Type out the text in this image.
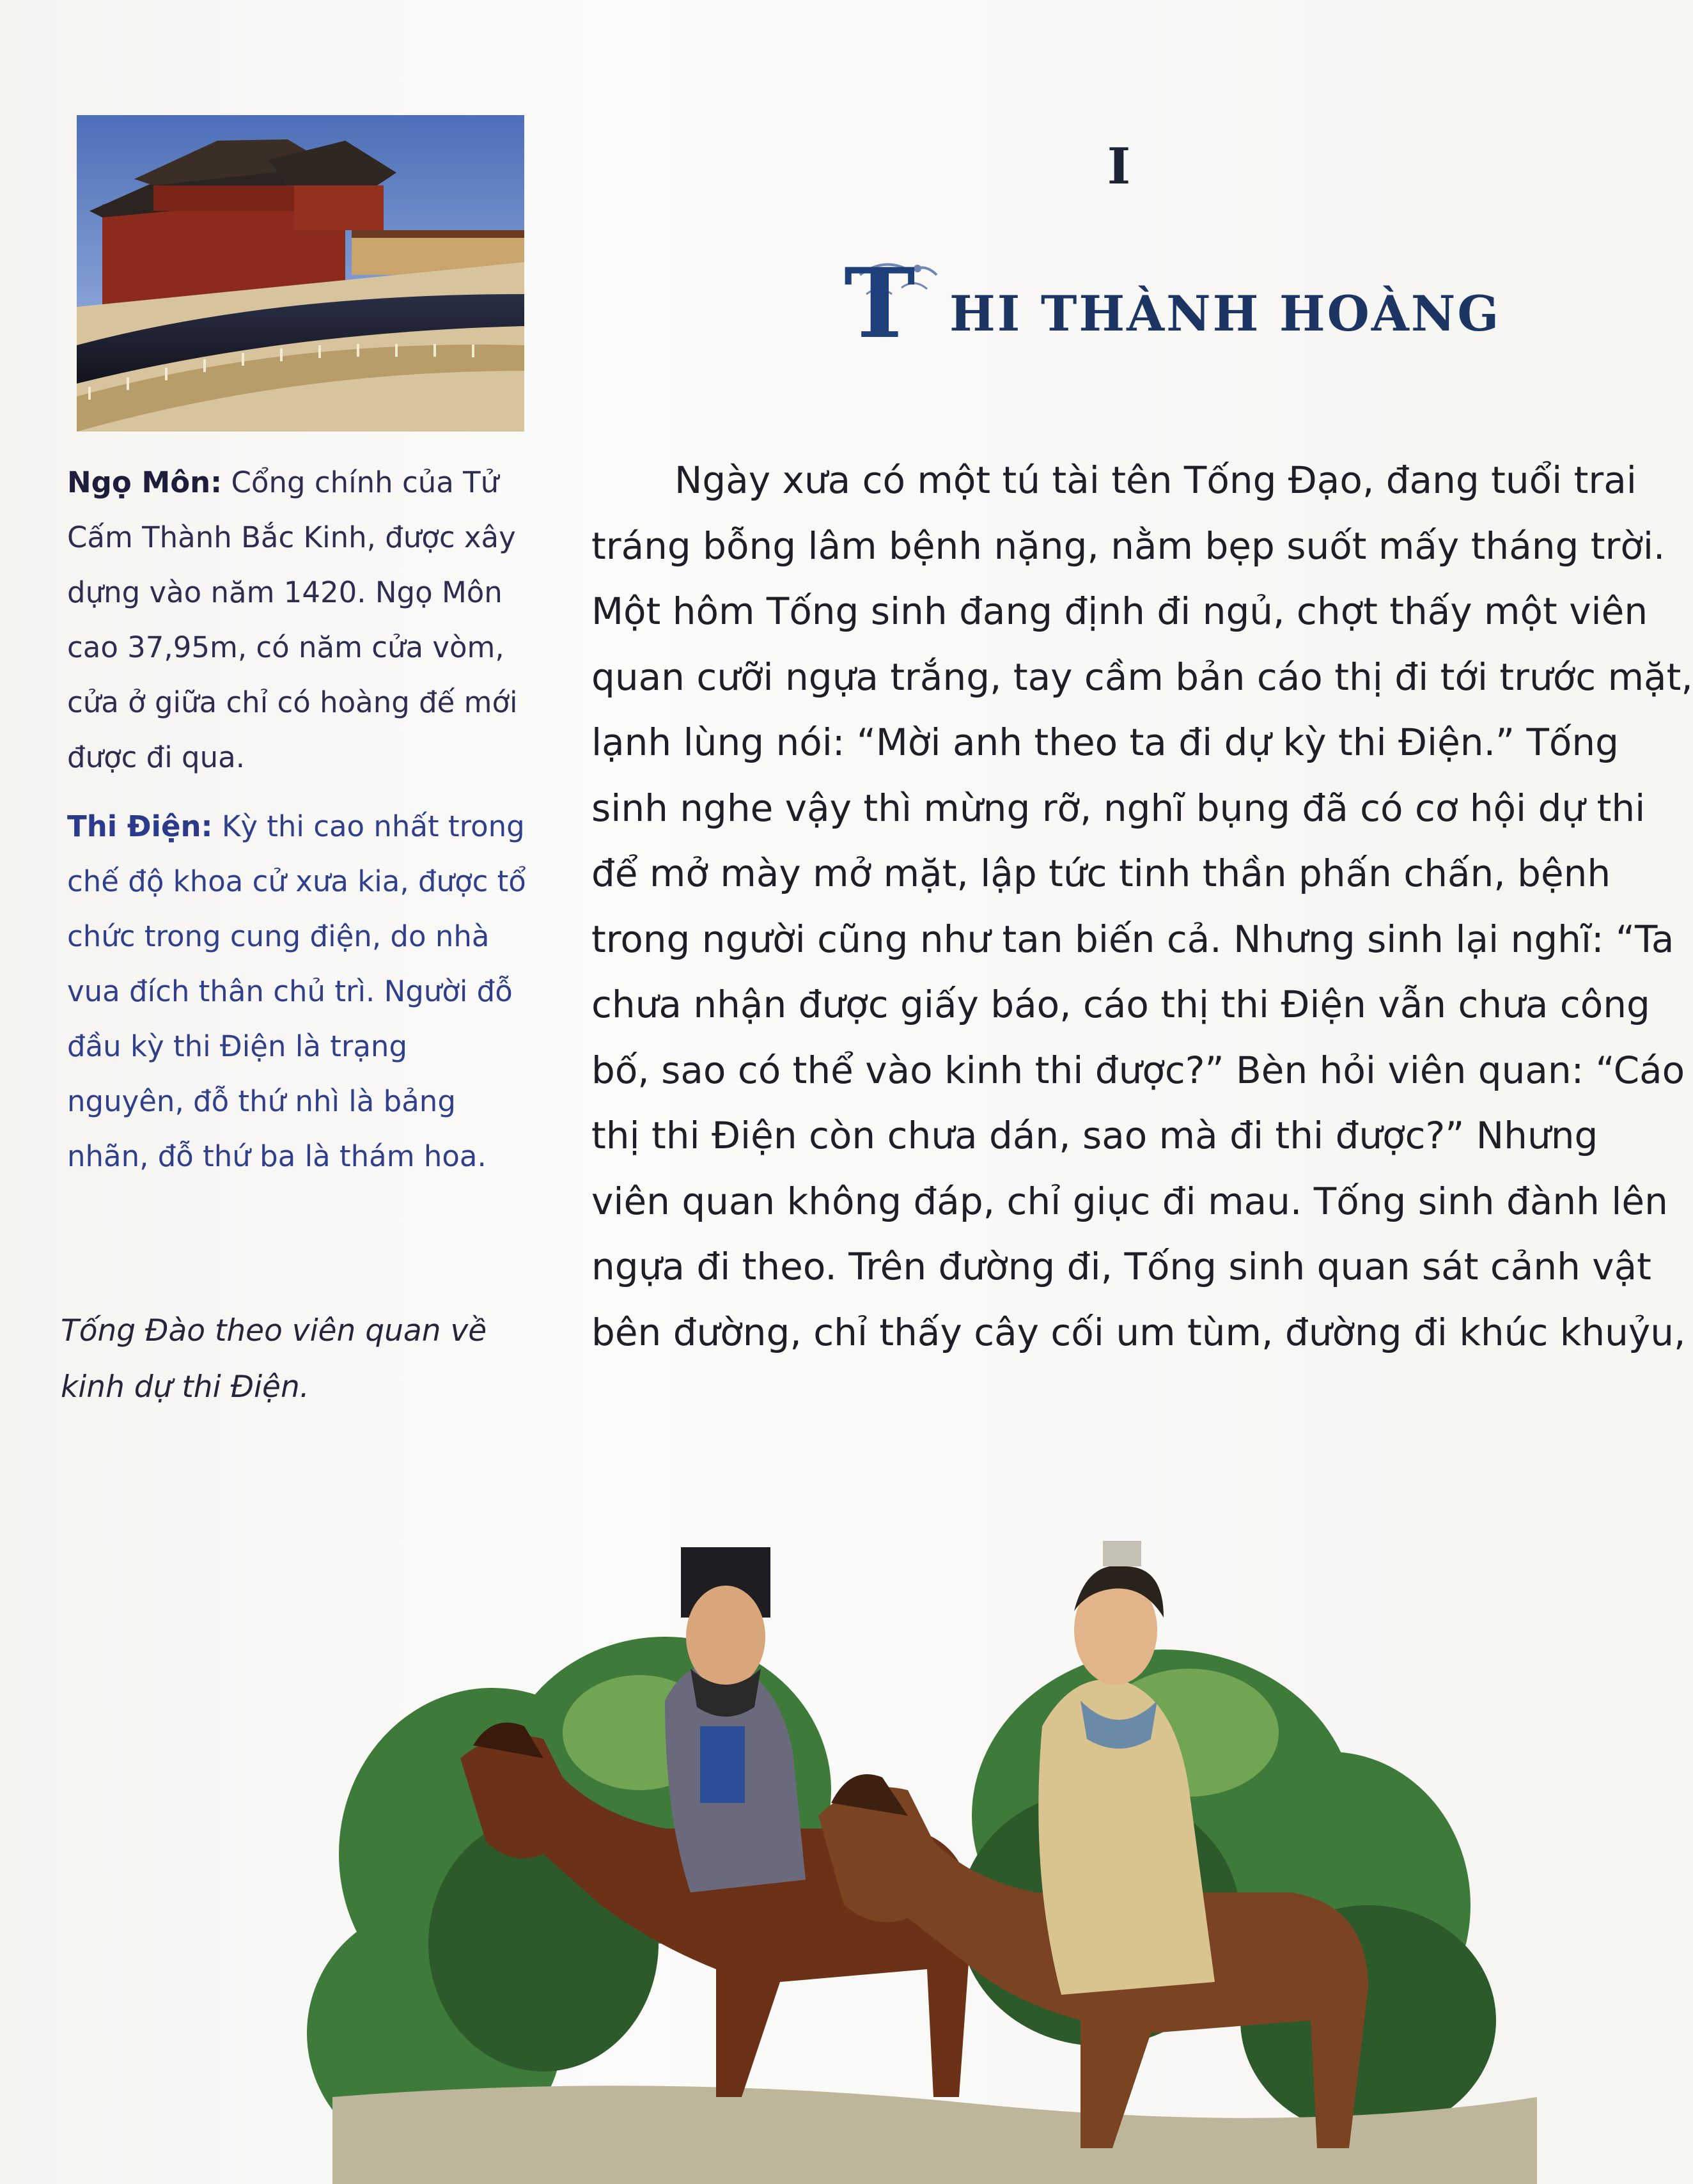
Ngọ Môn: Cổng chính của Tử Cấm Thành Bắc Kinh, được xây dựng vào năm 1420. Ngọ Môn cao 37,95m, có năm cửa vòm, cửa ở giữa chỉ có hoàng đế mới được đi qua.
Thi Điện: Kỳ thi cao nhất trong chế độ khoa cử xưa kia, được tổ chức trong cung điện, do nhà vua đích thân chủ trì. Người đỗ đầu kỳ thi Điện là trạng nguyên, đỗ thứ nhì là bảng nhãn, đỗ thứ ba là thám hoa.
Tống Đào theo viên quan về kinh dự thi Điện.
I
T HI THÀNH HOÀNG
Ngày xưa có một tú tài tên Tống Đạo, đang tuổi trai
tráng bỗng lâm bệnh nặng, nằm bẹp suốt mấy tháng trời.
Một hôm Tống sinh đang định đi ngủ, chợt thấy một viên
quan cưỡi ngựa trắng, tay cầm bản cáo thị đi tới trước mặt,
lạnh lùng nói: “Mời anh theo ta đi dự kỳ thi Điện.” Tống
sinh nghe vậy thì mừng rỡ, nghĩ bụng đã có cơ hội dự thi
để mở mày mở mặt, lập tức tinh thần phấn chấn, bệnh
trong người cũng như tan biến cả. Nhưng sinh lại nghĩ: “Ta
chưa nhận được giấy báo, cáo thị thi Điện vẫn chưa công
bố, sao có thể vào kinh thi được?” Bèn hỏi viên quan: “Cáo
thị thi Điện còn chưa dán, sao mà đi thi được?” Nhưng
viên quan không đáp, chỉ giục đi mau. Tống sinh đành lên
ngựa đi theo. Trên đường đi, Tống sinh quan sát cảnh vật
bên đường, chỉ thấy cây cối um tùm, đường đi khúc khuỷu,
